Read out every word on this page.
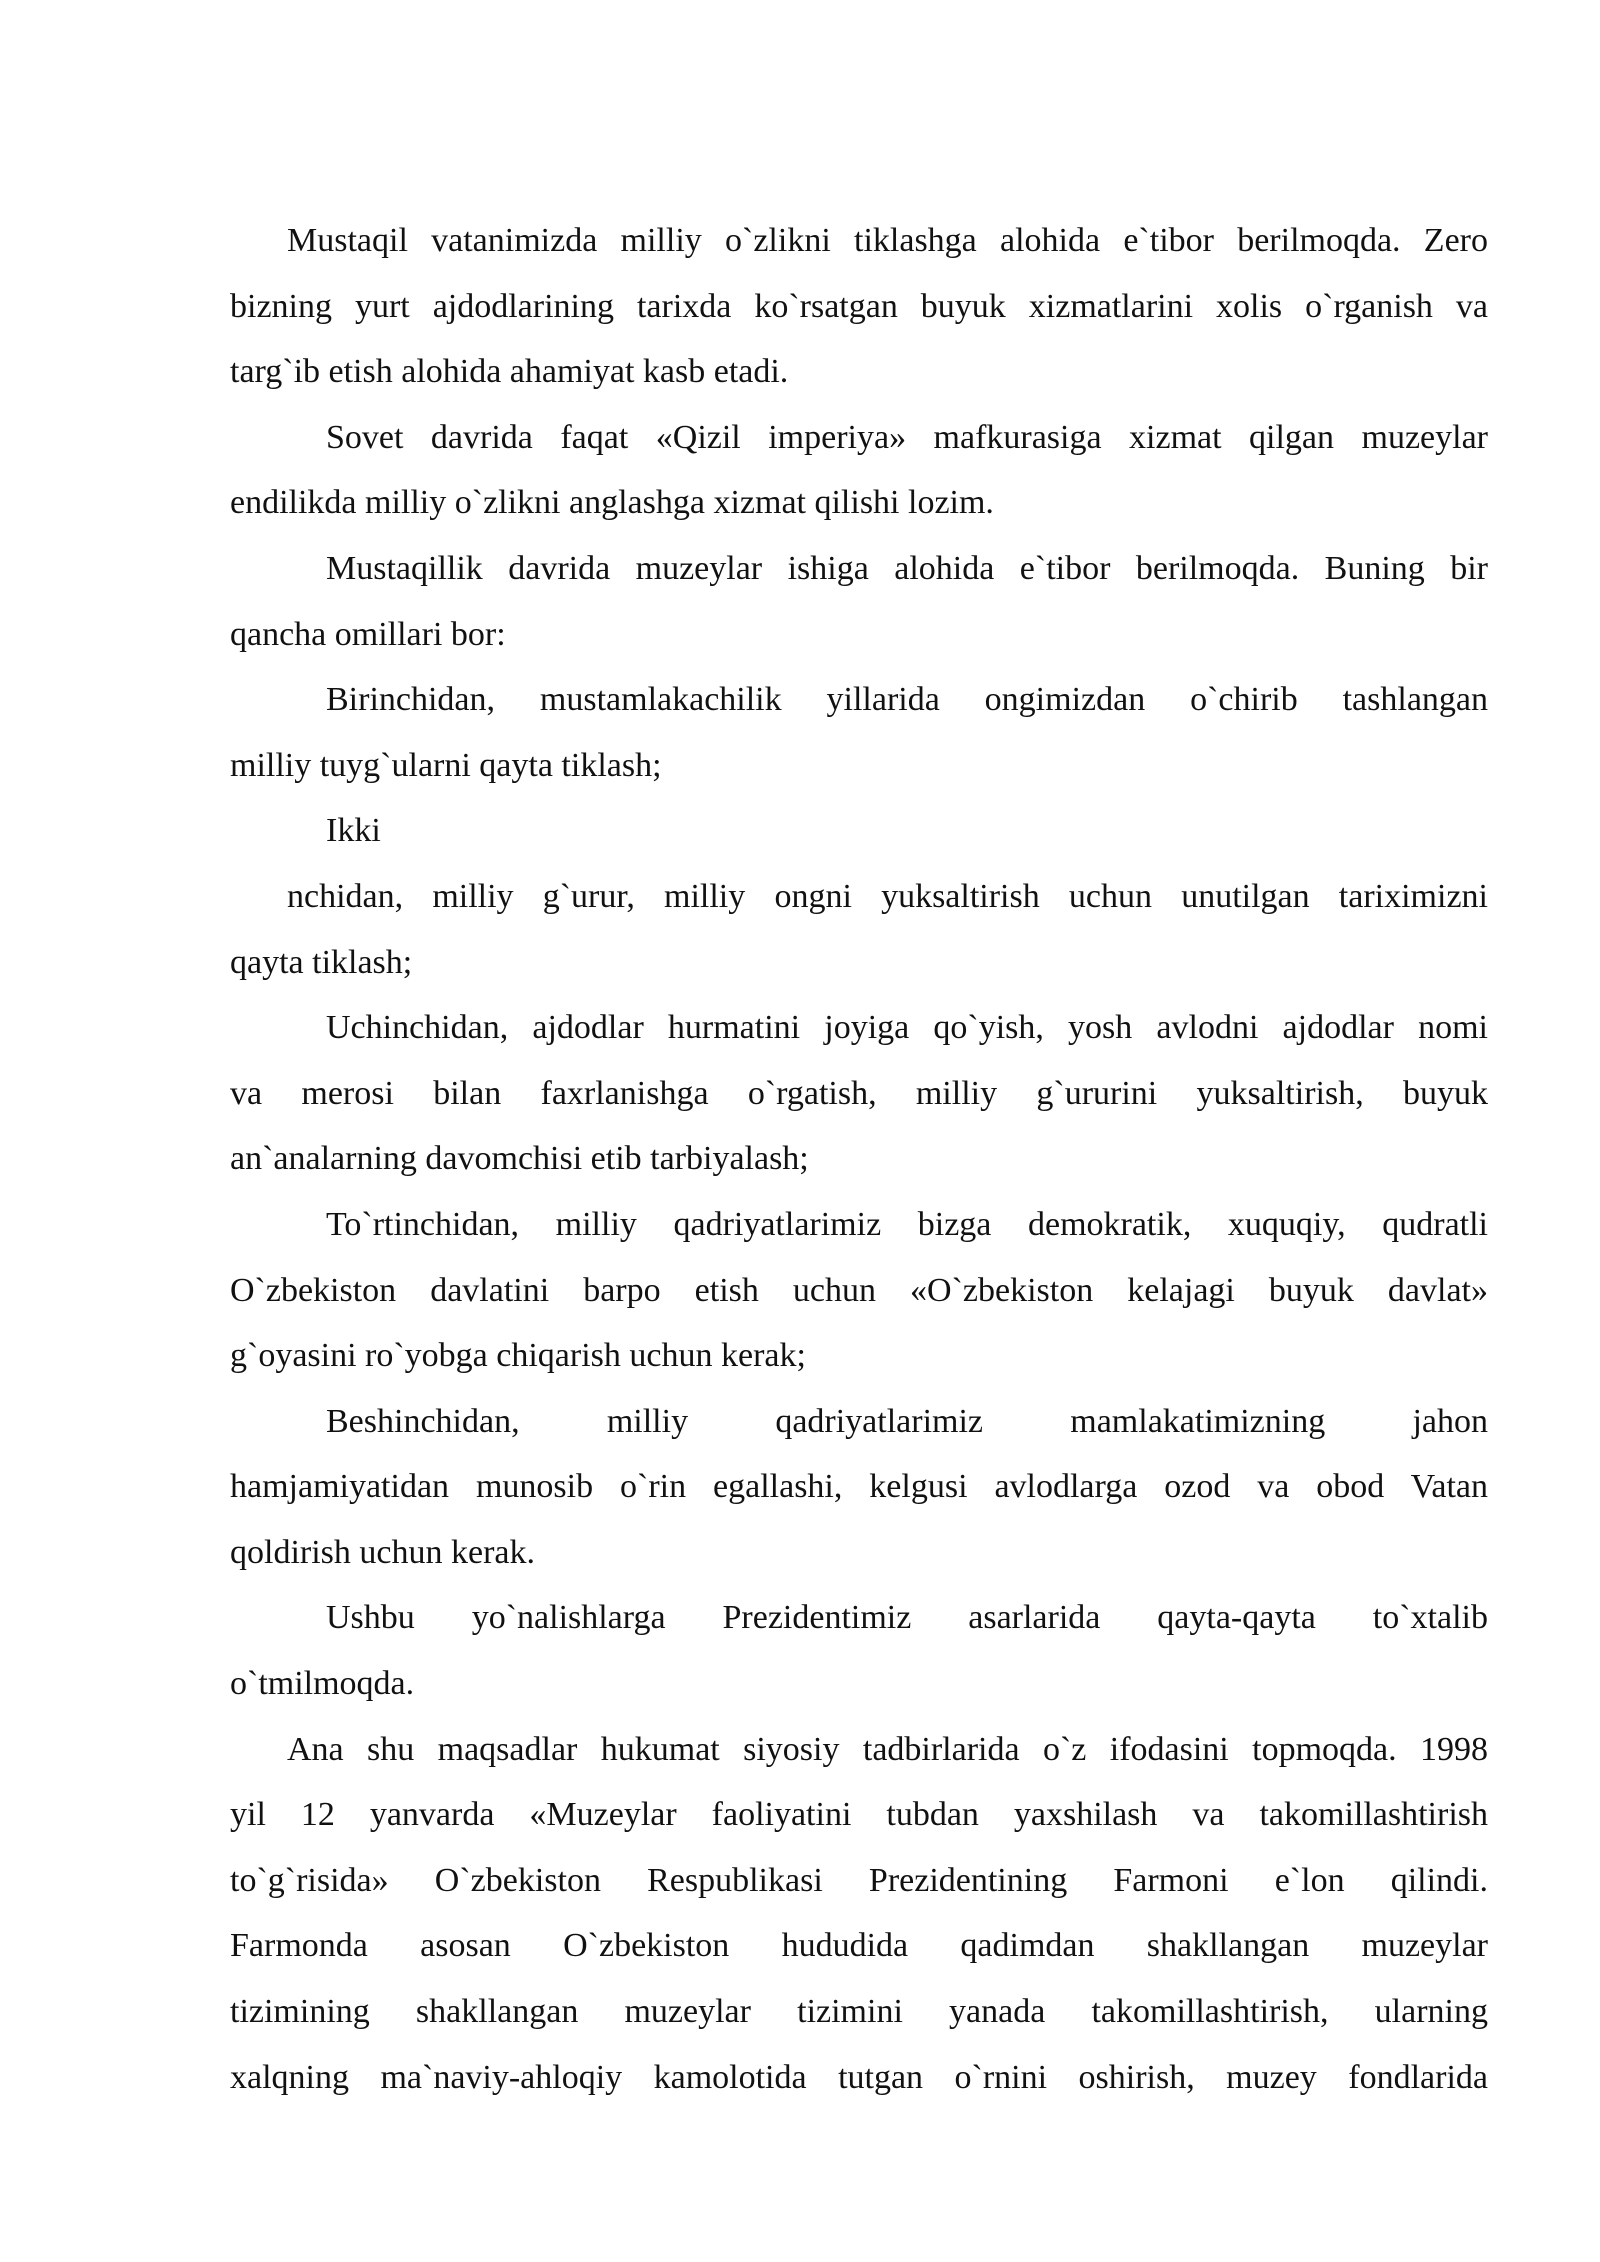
Mustaqil vatanimizda milliy o`zlikni tiklashga alohida e`tibor berilmoqda. Zero
bizning yurt ajdodlarining tarixda ko`rsatgan buyuk xizmatlarini xolis o`rganish va
targ`ib etish alohida ahamiyat kasb etadi.
Sovet davrida faqat «Qizil imperiya» mafkurasiga xizmat qilgan muzeylar
endilikda milliy o`zlikni anglashga xizmat qilishi lozim.
Mustaqillik davrida muzeylar ishiga alohida e`tibor berilmoqda. Buning bir
qancha omillari bor:
Birinchidan, mustamlakachilik yillarida ongimizdan o`chirib tashlangan
milliy tuyg`ularni qayta tiklash;
Ikki
nchidan, milliy g`urur, milliy ongni yuksaltirish uchun unutilgan tariximizni
qayta tiklash;
Uchinchidan, ajdodlar hurmatini joyiga qo`yish, yosh avlodni ajdodlar nomi
va merosi bilan faxrlanishga o`rgatish, milliy g`ururini yuksaltirish, buyuk
an`analarning davomchisi etib tarbiyalash;
To`rtinchidan, milliy qadriyatlarimiz bizga demokratik, xuquqiy, qudratli
O`zbekiston davlatini barpo etish uchun «O`zbekiston kelajagi buyuk davlat»
g`oyasini ro`yobga chiqarish uchun kerak;
Beshinchidan, milliy qadriyatlarimiz mamlakatimizning jahon
hamjamiyatidan munosib o`rin egallashi, kelgusi avlodlarga ozod va obod Vatan
qoldirish uchun kerak.
Ushbu yo`nalishlarga Prezidentimiz asarlarida qayta-qayta to`xtalib
o`tmilmoqda.
Ana shu maqsadlar hukumat siyosiy tadbirlarida o`z ifodasini topmoqda. 1998
yil 12 yanvarda «Muzeylar faoliyatini tubdan yaxshilash va takomillashtirish
to`g`risida» O`zbekiston Respublikasi Prezidentining Farmoni e`lon qilindi.
Farmonda asosan O`zbekiston hududida qadimdan shakllangan muzeylar
tizimining shakllangan muzeylar tizimini yanada takomillashtirish, ularning
xalqning ma`naviy-ahloqiy kamolotida tutgan o`rnini oshirish, muzey fondlarida
